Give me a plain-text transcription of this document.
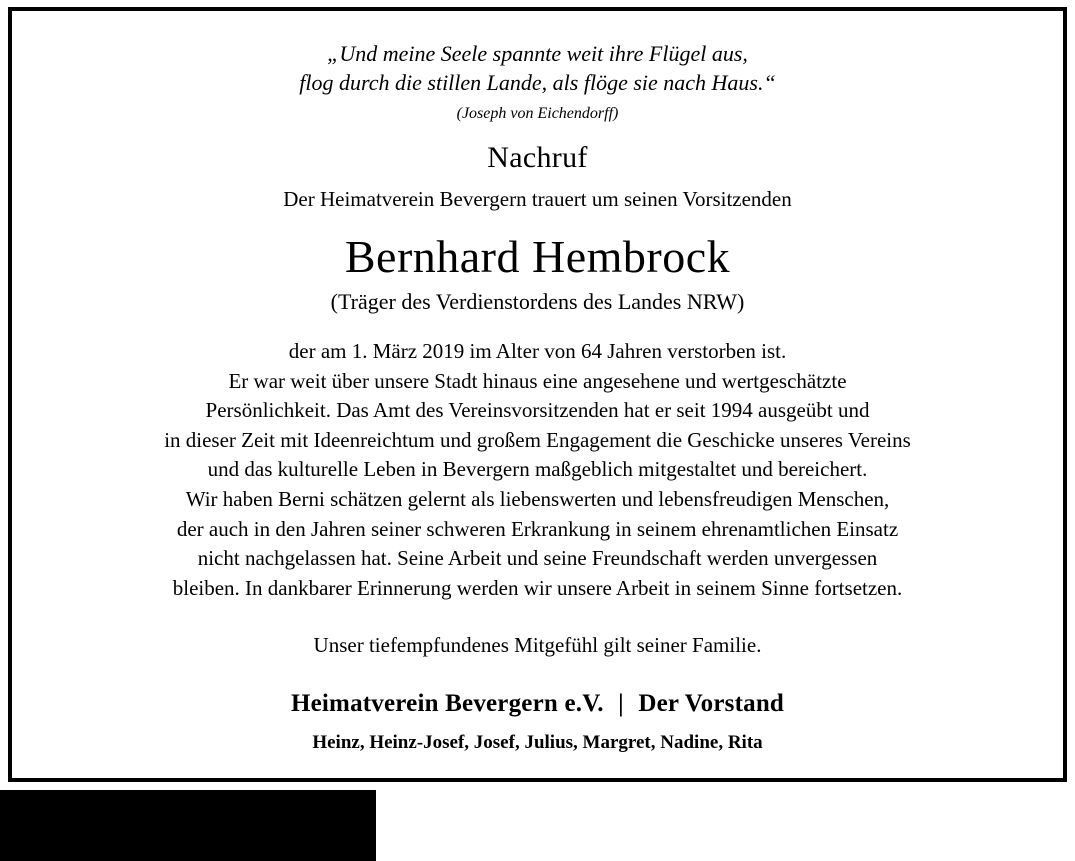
„Und meine Seele spannte weit ihre Flügel aus,
flog durch die stillen Lande, als flöge sie nach Haus.“
(Joseph von Eichendorff)
Nachruf
Der Heimatverein Bevergern trauert um seinen Vorsitzenden
Bernhard Hembrock
(Träger des Verdienstordens des Landes NRW)
der am 1. März 2019 im Alter von 64 Jahren verstorben ist.
Er war weit über unsere Stadt hinaus eine angesehene und wertgeschätzte
Persönlichkeit. Das Amt des Vereinsvorsitzenden hat er seit 1994 ausgeübt und
in dieser Zeit mit Ideenreichtum und großem Engagement die Geschicke unseres Vereins
und das kulturelle Leben in Bevergern maßgeblich mitgestaltet und bereichert.
Wir haben Berni schätzen gelernt als liebenswerten und lebensfreudigen Menschen,
der auch in den Jahren seiner schweren Erkrankung in seinem ehrenamtlichen Einsatz
nicht nachgelassen hat. Seine Arbeit und seine Freundschaft werden unvergessen
bleiben. In dankbarer Erinnerung werden wir unsere Arbeit in seinem Sinne fortsetzen.
Unser tiefempfundenes Mitgefühl gilt seiner Familie.
Heimatverein Bevergern e.V. | Der Vorstand
Heinz, Heinz-Josef, Josef, Julius, Margret, Nadine, Rita
